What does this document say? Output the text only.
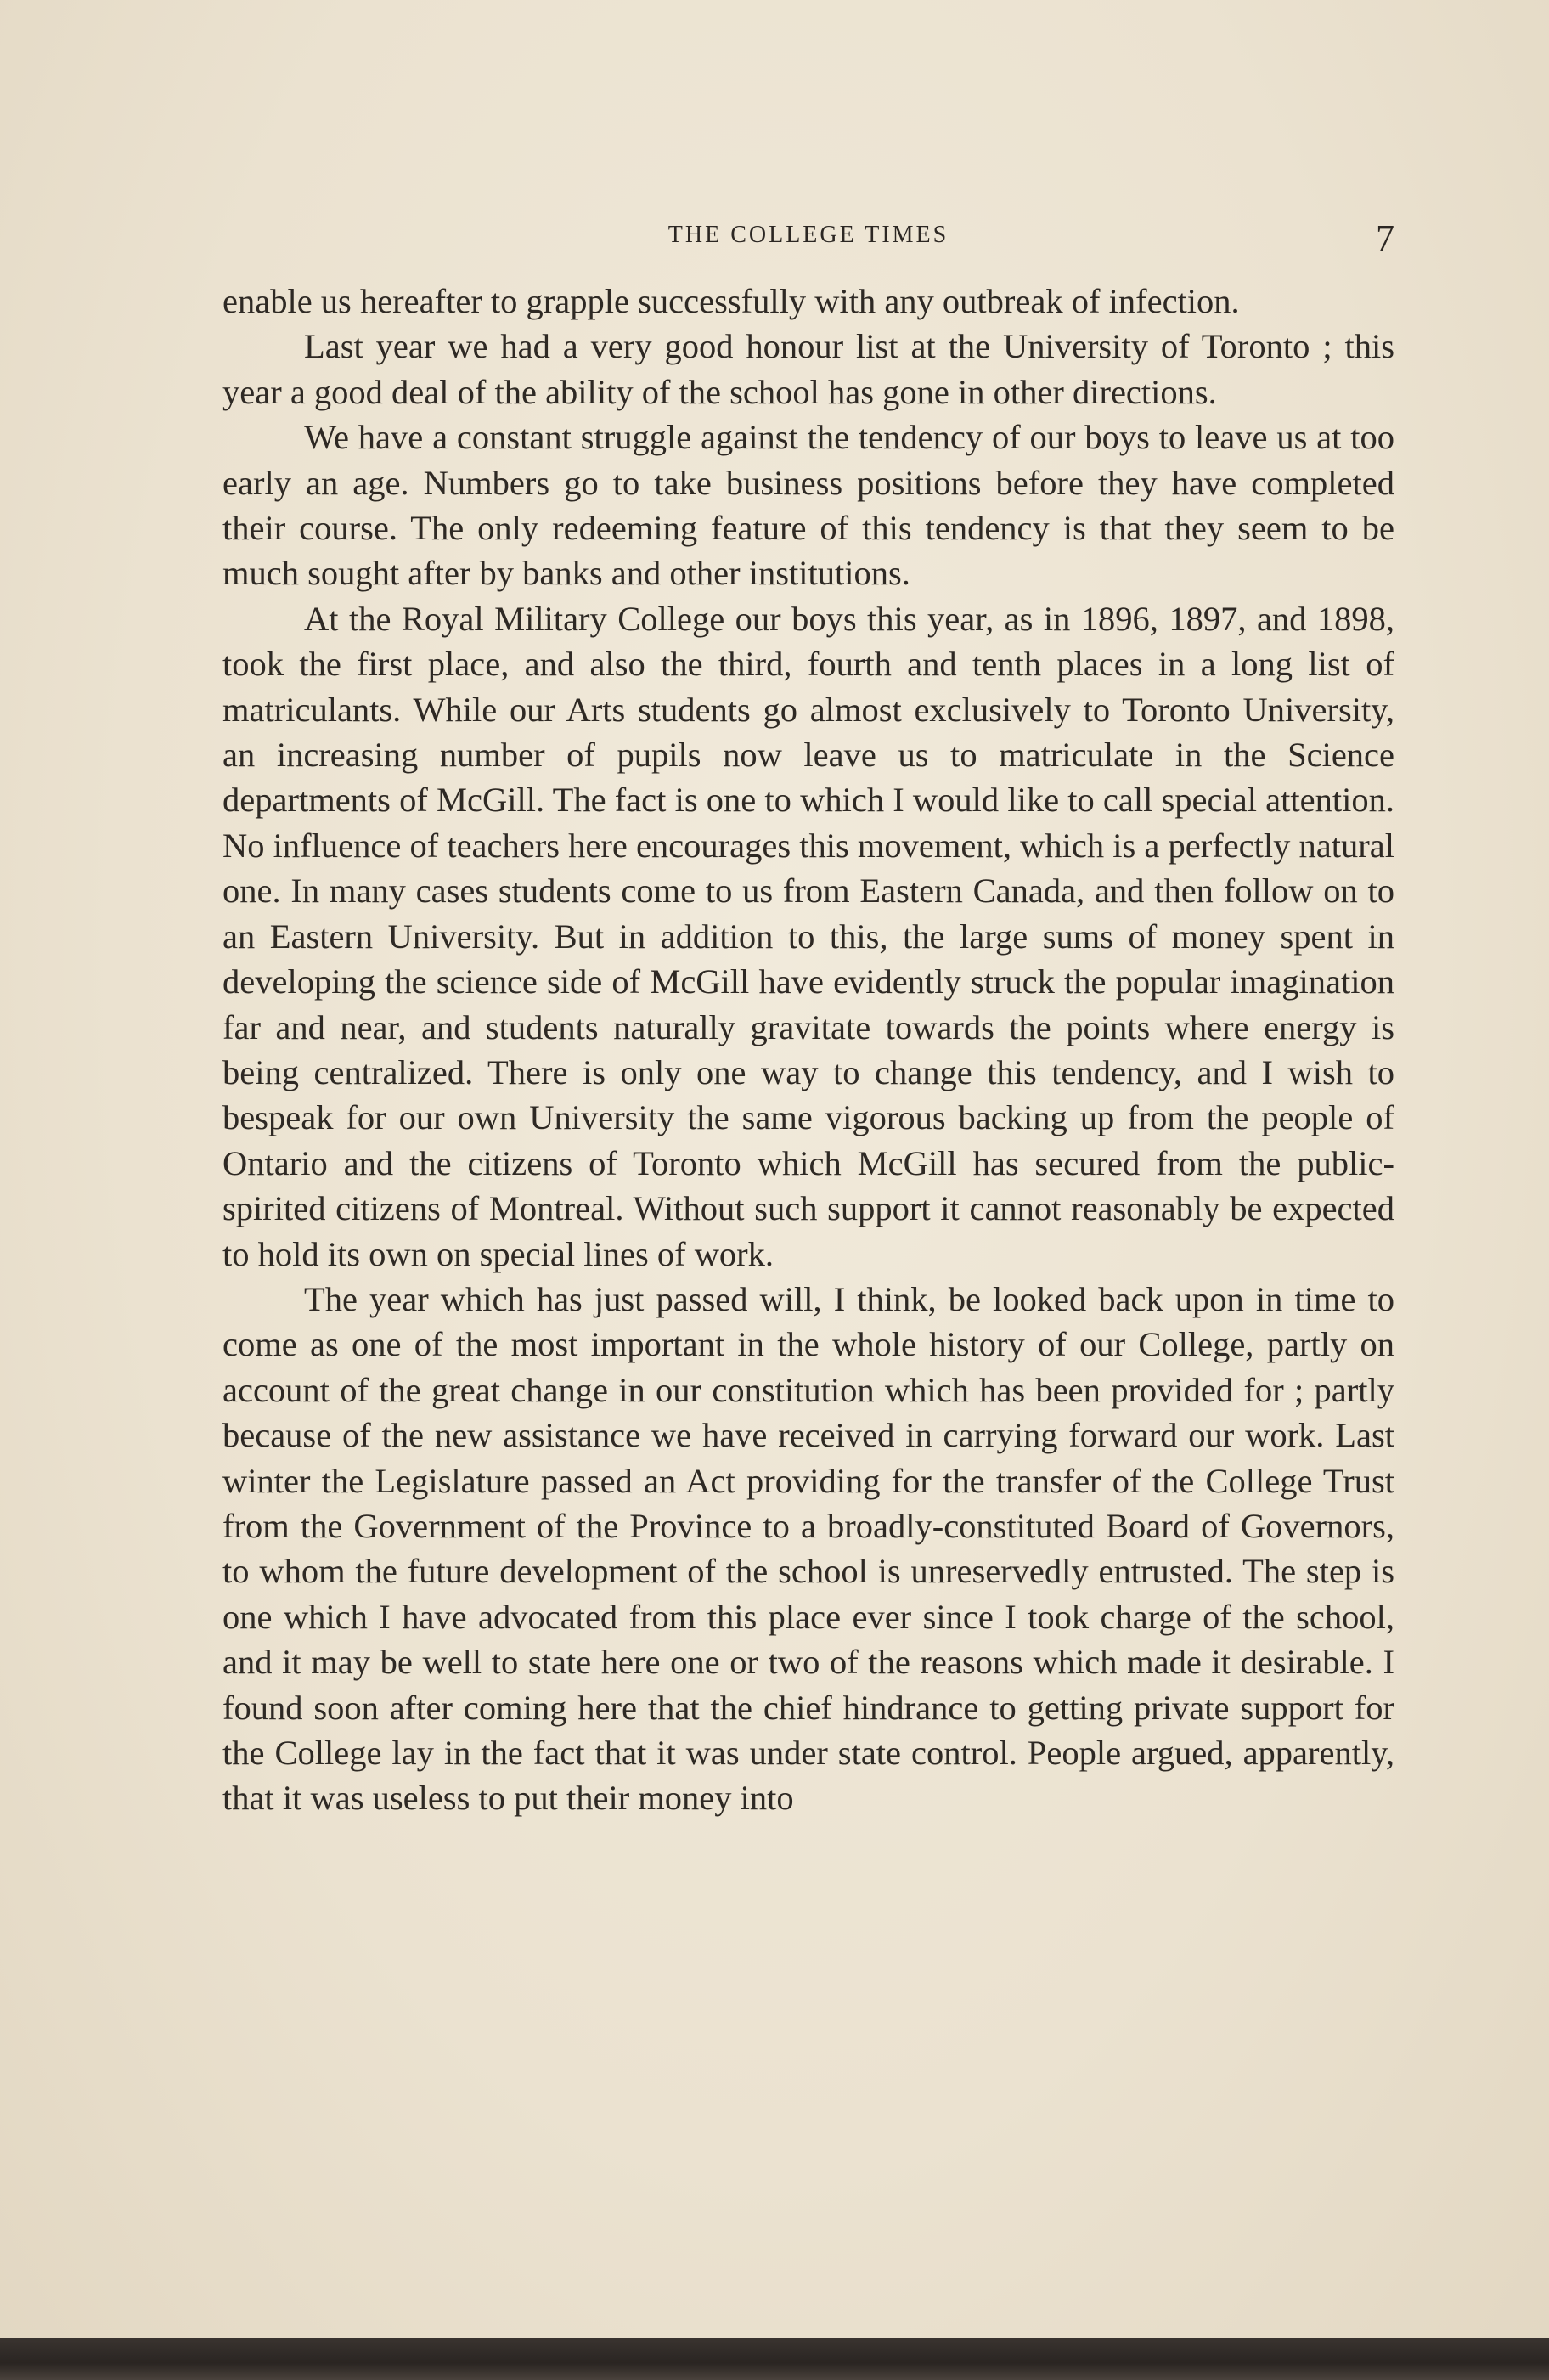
THE COLLEGE TIMES	7

enable us hereafter to grapple successfully with any outbreak of infection.

Last year we had a very good honour list at the University of Toronto ; this year a good deal of the ability of the school has gone in other directions.

We have a constant struggle against the tendency of our boys to leave us at too early an age. Numbers go to take business positions before they have completed their course. The only redeeming feature of this tendency is that they seem to be much sought after by banks and other institutions.

At the Royal Military College our boys this year, as in 1896, 1897, and 1898, took the first place, and also the third, fourth and tenth places in a long list of matriculants. While our Arts students go almost exclusively to Toronto University, an increasing number of pupils now leave us to matriculate in the Science departments of McGill. The fact is one to which I would like to call special attention. No influence of teachers here encourages this movement, which is a perfectly natural one. In many cases students come to us from Eastern Canada, and then follow on to an Eastern University. But in addition to this, the large sums of money spent in developing the science side of McGill have evidently struck the popular imagination far and near, and students naturally gravitate towards the points where energy is being centralized. There is only one way to change this tendency, and I wish to bespeak for our own University the same vigorous backing up from the people of Ontario and the citizens of Toronto which McGill has secured from the public-spirited citizens of Montreal. Without such support it cannot reasonably be expected to hold its own on special lines of work.

The year which has just passed will, I think, be looked back upon in time to come as one of the most important in the whole history of our College, partly on account of the great change in our constitution which has been provided for ; partly because of the new assistance we have received in carrying forward our work. Last winter the Legislature passed an Act providing for the transfer of the College Trust from the Government of the Province to a broadly-constituted Board of Governors, to whom the future development of the school is unreservedly entrusted. The step is one which I have advocated from this place ever since I took charge of the school, and it may be well to state here one or two of the reasons which made it desirable. I found soon after coming here that the chief hindrance to getting private support for the College lay in the fact that it was under state control. People argued, apparently, that it was useless to put their money into
